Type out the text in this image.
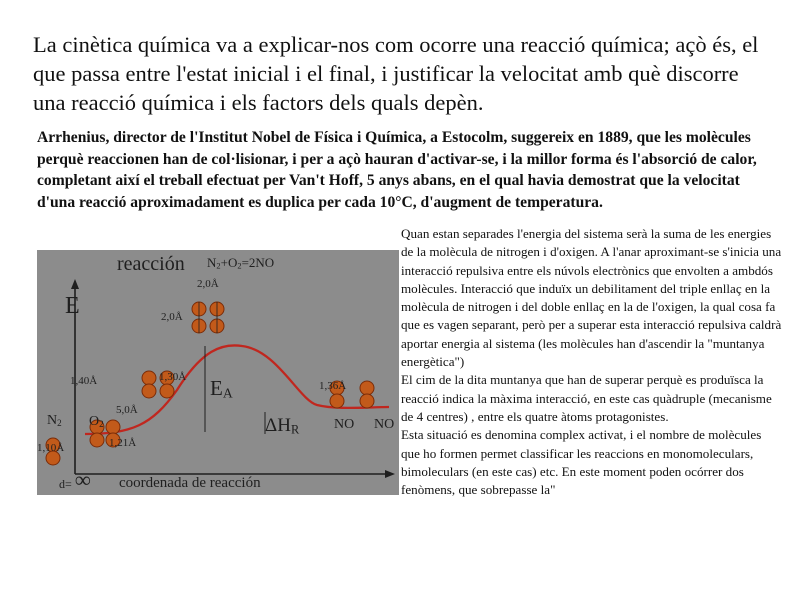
La cinètica química va a explicar-nos com ocorre una reacció química; açò és, el que passa entre l'estat inicial i el final, i justificar la velocitat amb què discorre una reacció química i els factors dels quals depèn.
Arrhenius, director de l'Institut Nobel de Física i Química, a Estocolm, suggereix en 1889, que les molècules perquè reaccionen han de col·lisionar, i per a açò hauran d'activar-se, i la millor forma és l'absorció de calor, completant així el treball efectuat per Van't Hoff, 5 anys abans, en el qual havia demostrat que la velocitat d'una reacció aproximadament es duplica per cada 10°C, d'augment de temperatura.
reacción $N_2+O_2=2NO$
E
coordenada de reacción
d= ∞
EA
$\Delta H_R$
$N_2$ $O_2$	NO NO
1,10Å	1,21Å
1,40Å
5,0Å
1,30Å
2,0Å
2,0Å
1,36Å
Quan estan separades l'energia del sistema serà la suma de les energies de la molècula de nitrogen i d'oxigen. A l'anar aproximant-se s'inicia una interacció repulsiva entre els núvols electrònics que envolten a ambdós molècules. Interacció que induïx un debilitament del triple enllaç en la molècula de nitrogen i del doble enllaç en la de l'oxigen, la qual cosa fa que es vagen separant, però per a superar esta interacció repulsiva caldrà aportar energia al sistema (les molècules han d'ascendir la "muntanya energètica")
El cim de la dita muntanya que han de superar perquè es produïsca la reacció indica la màxima interacció, en este cas quàdruple (mecanisme de 4 centres) , entre els quatre àtoms protagonistes.
Esta situació es denomina complex activat, i el nombre de molècules que ho formen permet classificar les reaccions en monomoleculars, bimoleculars (en este cas) etc. En este moment poden ocórrer dos fenòmens, que sobrepasse la"
